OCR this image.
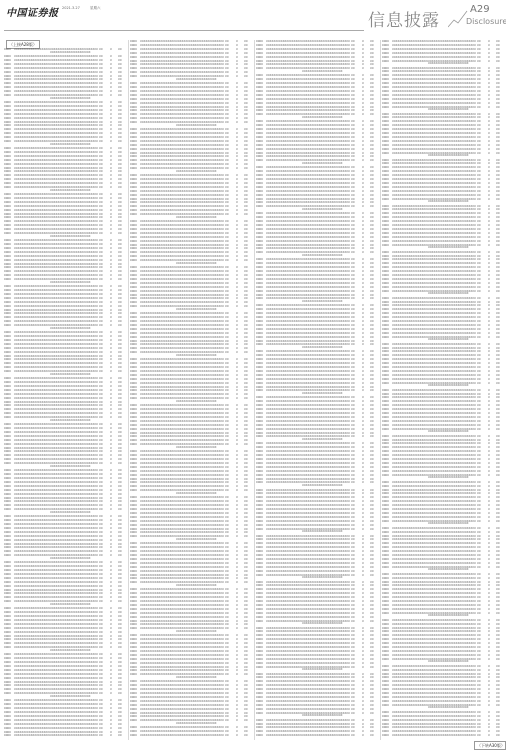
中国证券报 2021.3.27	星期六
信息披露
A29
Disclosure
（上接A28版）
0000	XXXXXXXXXXXXXXXXXXXX XXXXXXXXXXXXXXXXXXXXXXXXXX XX	X	XX
XXXXXXXXXXXXXXXXXXXXXX
0000	XXXXXXXXXXXXXXXXXXXX XXXXXXXXXXXXXXXXXXXXXXXXXX XX	X	XX
0000	XXXXXXXXXXXXXXXXXXXX XXXXXXXXXXXXXXXXXXXXXXXXXX XX	X	XX
0000	XXXXXXXXXXXXXXXXXXXX XXXXXXXXXXXXXXXXXXXXXXXXXX XX	X	XX
0000	XXXXXXXXXXXXXXXXXXXX XXXXXXXXXXXXXXXXXXXXXXXXXX XX	X	XX
0000	XXXXXXXXXXXXXXXXXXXX XXXXXXXXXXXXXXXXXXXXXXXXXX XX	X	XX
0000	XXXXXXXXXXXXXXXXXXXX XXXXXXXXXXXXXXXXXXXXXXXXXX XX	X	XX
0000	XXXXXXXXXXXXXXXXXXXX XXXXXXXXXXXXXXXXXXXXXXXXXX XX	X	XX
0000	XXXXXXXXXXXXXXXXXXXX XXXXXXXXXXXXXXXXXXXXXXXXXX XX	X	XX
0000	XXXXXXXXXXXXXXXXXXXX XXXXXXXXXXXXXXXXXXXXXXXXXX XX	X	XX
0000	XXXXXXXXXXXXXXXXXXXX XXXXXXXXXXXXXXXXXXXXXXXXXX XX	X	XX
0000	XXXXXXXXXXXXXXXXXXXX XXXXXXXXXXXXXXXXXXXXXXXXXX XX	X	XX
XXXXXXXXXXXXXXXXXXXXXX
0000	XXXXXXXXXXXXXXXXXXXX XXXXXXXXXXXXXXXXXXXXXXXXXX XX	X	XX
0000	XXXXXXXXXXXXXXXXXXXX XXXXXXXXXXXXXXXXXXXXXXXXXX XX	X	XX
0000	XXXXXXXXXXXXXXXXXXXX XXXXXXXXXXXXXXXXXXXXXXXXXX XX	X	XX
0000	XXXXXXXXXXXXXXXXXXXX XXXXXXXXXXXXXXXXXXXXXXXXXX XX	X	XX
0000	XXXXXXXXXXXXXXXXXXXX XXXXXXXXXXXXXXXXXXXXXXXXXX XX	X	XX
0000	XXXXXXXXXXXXXXXXXXXX XXXXXXXXXXXXXXXXXXXXXXXXXX XX	X	XX
0000	XXXXXXXXXXXXXXXXXXXX XXXXXXXXXXXXXXXXXXXXXXXXXX XX	X	XX
0000	XXXXXXXXXXXXXXXXXXXX XXXXXXXXXXXXXXXXXXXXXXXXXX XX	X	XX
0000	XXXXXXXXXXXXXXXXXXXX XXXXXXXXXXXXXXXXXXXXXXXXXX XX	X	XX
0000	XXXXXXXXXXXXXXXXXXXX XXXXXXXXXXXXXXXXXXXXXXXXXX XX	X	XX
0000	XXXXXXXXXXXXXXXXXXXX XXXXXXXXXXXXXXXXXXXXXXXXXX XX	X	XX
XXXXXXXXXXXXXXXXXXXXXX
0000	XXXXXXXXXXXXXXXXXXXX XXXXXXXXXXXXXXXXXXXXXXXXXX XX	X	XX
0000	XXXXXXXXXXXXXXXXXXXX XXXXXXXXXXXXXXXXXXXXXXXXXX XX	X	XX
0000	XXXXXXXXXXXXXXXXXXXX XXXXXXXXXXXXXXXXXXXXXXXXXX XX	X	XX
0000	XXXXXXXXXXXXXXXXXXXX XXXXXXXXXXXXXXXXXXXXXXXXXX XX	X	XX
0000	XXXXXXXXXXXXXXXXXXXX XXXXXXXXXXXXXXXXXXXXXXXXXX XX	X	XX
0000	XXXXXXXXXXXXXXXXXXXX XXXXXXXXXXXXXXXXXXXXXXXXXX XX	X	XX
0000	XXXXXXXXXXXXXXXXXXXX XXXXXXXXXXXXXXXXXXXXXXXXXX XX	X	XX
0000	XXXXXXXXXXXXXXXXXXXX XXXXXXXXXXXXXXXXXXXXXXXXXX XX	X	XX
0000	XXXXXXXXXXXXXXXXXXXX XXXXXXXXXXXXXXXXXXXXXXXXXX XX	X	XX
0000	XXXXXXXXXXXXXXXXXXXX XXXXXXXXXXXXXXXXXXXXXXXXXX XX	X	XX
0000	XXXXXXXXXXXXXXXXXXXX XXXXXXXXXXXXXXXXXXXXXXXXXX XX	X	XX
XXXXXXXXXXXXXXXXXXXXXX
0000	XXXXXXXXXXXXXXXXXXXX XXXXXXXXXXXXXXXXXXXXXXXXXX XX	X	XX
0000	XXXXXXXXXXXXXXXXXXXX XXXXXXXXXXXXXXXXXXXXXXXXXX XX	X	XX
0000	XXXXXXXXXXXXXXXXXXXX XXXXXXXXXXXXXXXXXXXXXXXXXX XX	X	XX
0000	XXXXXXXXXXXXXXXXXXXX XXXXXXXXXXXXXXXXXXXXXXXXXX XX	X	XX
0000	XXXXXXXXXXXXXXXXXXXX XXXXXXXXXXXXXXXXXXXXXXXXXX XX	X	XX
0000	XXXXXXXXXXXXXXXXXXXX XXXXXXXXXXXXXXXXXXXXXXXXXX XX	X	XX
0000	XXXXXXXXXXXXXXXXXXXX XXXXXXXXXXXXXXXXXXXXXXXXXX XX	X	XX
0000	XXXXXXXXXXXXXXXXXXXX XXXXXXXXXXXXXXXXXXXXXXXXXX XX	X	XX
0000	XXXXXXXXXXXXXXXXXXXX XXXXXXXXXXXXXXXXXXXXXXXXXX XX	X	XX
0000	XXXXXXXXXXXXXXXXXXXX XXXXXXXXXXXXXXXXXXXXXXXXXX XX	X	XX
0000	XXXXXXXXXXXXXXXXXXXX XXXXXXXXXXXXXXXXXXXXXXXXXX XX	X	XX
XXXXXXXXXXXXXXXXXXXXXX
0000	XXXXXXXXXXXXXXXXXXXX XXXXXXXXXXXXXXXXXXXXXXXXXX XX	X	XX
0000	XXXXXXXXXXXXXXXXXXXX XXXXXXXXXXXXXXXXXXXXXXXXXX XX	X	XX
0000	XXXXXXXXXXXXXXXXXXXX XXXXXXXXXXXXXXXXXXXXXXXXXX XX	X	XX
0000	XXXXXXXXXXXXXXXXXXXX XXXXXXXXXXXXXXXXXXXXXXXXXX XX	X	XX
0000	XXXXXXXXXXXXXXXXXXXX XXXXXXXXXXXXXXXXXXXXXXXXXX XX	X	XX
0000	XXXXXXXXXXXXXXXXXXXX XXXXXXXXXXXXXXXXXXXXXXXXXX XX	X	XX
0000	XXXXXXXXXXXXXXXXXXXX XXXXXXXXXXXXXXXXXXXXXXXXXX XX	X	XX
0000	XXXXXXXXXXXXXXXXXXXX XXXXXXXXXXXXXXXXXXXXXXXXXX XX	X	XX
0000	XXXXXXXXXXXXXXXXXXXX XXXXXXXXXXXXXXXXXXXXXXXXXX XX	X	XX
0000	XXXXXXXXXXXXXXXXXXXX XXXXXXXXXXXXXXXXXXXXXXXXXX XX	X	XX
0000	XXXXXXXXXXXXXXXXXXXX XXXXXXXXXXXXXXXXXXXXXXXXXX XX	X	XX
XXXXXXXXXXXXXXXXXXXXXX
0000	XXXXXXXXXXXXXXXXXXXX XXXXXXXXXXXXXXXXXXXXXXXXXX XX	X	XX
0000	XXXXXXXXXXXXXXXXXXXX XXXXXXXXXXXXXXXXXXXXXXXXXX XX	X	XX
0000	XXXXXXXXXXXXXXXXXXXX XXXXXXXXXXXXXXXXXXXXXXXXXX XX	X	XX
0000	XXXXXXXXXXXXXXXXXXXX XXXXXXXXXXXXXXXXXXXXXXXXXX XX	X	XX
0000	XXXXXXXXXXXXXXXXXXXX XXXXXXXXXXXXXXXXXXXXXXXXXX XX	X	XX
0000	XXXXXXXXXXXXXXXXXXXX XXXXXXXXXXXXXXXXXXXXXXXXXX XX	X	XX
0000	XXXXXXXXXXXXXXXXXXXX XXXXXXXXXXXXXXXXXXXXXXXXXX XX	X	XX
0000	XXXXXXXXXXXXXXXXXXXX XXXXXXXXXXXXXXXXXXXXXXXXXX XX	X	XX
0000	XXXXXXXXXXXXXXXXXXXX XXXXXXXXXXXXXXXXXXXXXXXXXX XX	X	XX
0000	XXXXXXXXXXXXXXXXXXXX XXXXXXXXXXXXXXXXXXXXXXXXXX XX	X	XX
0000	XXXXXXXXXXXXXXXXXXXX XXXXXXXXXXXXXXXXXXXXXXXXXX XX	X	XX
XXXXXXXXXXXXXXXXXXXXXX
0000	XXXXXXXXXXXXXXXXXXXX XXXXXXXXXXXXXXXXXXXXXXXXXX XX	X	XX
0000	XXXXXXXXXXXXXXXXXXXX XXXXXXXXXXXXXXXXXXXXXXXXXX XX	X	XX
0000	XXXXXXXXXXXXXXXXXXXX XXXXXXXXXXXXXXXXXXXXXXXXXX XX	X	XX
0000	XXXXXXXXXXXXXXXXXXXX XXXXXXXXXXXXXXXXXXXXXXXXXX XX	X	XX
0000	XXXXXXXXXXXXXXXXXXXX XXXXXXXXXXXXXXXXXXXXXXXXXX XX	X	XX
0000	XXXXXXXXXXXXXXXXXXXX XXXXXXXXXXXXXXXXXXXXXXXXXX XX	X	XX
0000	XXXXXXXXXXXXXXXXXXXX XXXXXXXXXXXXXXXXXXXXXXXXXX XX	X	XX
0000	XXXXXXXXXXXXXXXXXXXX XXXXXXXXXXXXXXXXXXXXXXXXXX XX	X	XX
0000	XXXXXXXXXXXXXXXXXXXX XXXXXXXXXXXXXXXXXXXXXXXXXX XX	X	XX
0000	XXXXXXXXXXXXXXXXXXXX XXXXXXXXXXXXXXXXXXXXXXXXXX XX	X	XX
0000	XXXXXXXXXXXXXXXXXXXX XXXXXXXXXXXXXXXXXXXXXXXXXX XX	X	XX
XXXXXXXXXXXXXXXXXXXXXX
0000	XXXXXXXXXXXXXXXXXXXX XXXXXXXXXXXXXXXXXXXXXXXXXX XX	X	XX
0000	XXXXXXXXXXXXXXXXXXXX XXXXXXXXXXXXXXXXXXXXXXXXXX XX	X	XX
0000	XXXXXXXXXXXXXXXXXXXX XXXXXXXXXXXXXXXXXXXXXXXXXX XX	X	XX
0000	XXXXXXXXXXXXXXXXXXXX XXXXXXXXXXXXXXXXXXXXXXXXXX XX	X	XX
0000	XXXXXXXXXXXXXXXXXXXX XXXXXXXXXXXXXXXXXXXXXXXXXX XX	X	XX
0000	XXXXXXXXXXXXXXXXXXXX XXXXXXXXXXXXXXXXXXXXXXXXXX XX	X	XX
0000	XXXXXXXXXXXXXXXXXXXX XXXXXXXXXXXXXXXXXXXXXXXXXX XX	X	XX
0000	XXXXXXXXXXXXXXXXXXXX XXXXXXXXXXXXXXXXXXXXXXXXXX XX	X	XX
0000	XXXXXXXXXXXXXXXXXXXX XXXXXXXXXXXXXXXXXXXXXXXXXX XX	X	XX
0000	XXXXXXXXXXXXXXXXXXXX XXXXXXXXXXXXXXXXXXXXXXXXXX XX	X	XX
0000	XXXXXXXXXXXXXXXXXXXX XXXXXXXXXXXXXXXXXXXXXXXXXX XX	X	XX
XXXXXXXXXXXXXXXXXXXXXX
0000	XXXXXXXXXXXXXXXXXXXX XXXXXXXXXXXXXXXXXXXXXXXXXX XX	X	XX
0000	XXXXXXXXXXXXXXXXXXXX XXXXXXXXXXXXXXXXXXXXXXXXXX XX	X	XX
0000	XXXXXXXXXXXXXXXXXXXX XXXXXXXXXXXXXXXXXXXXXXXXXX XX	X	XX
0000	XXXXXXXXXXXXXXXXXXXX XXXXXXXXXXXXXXXXXXXXXXXXXX XX	X	XX
0000	XXXXXXXXXXXXXXXXXXXX XXXXXXXXXXXXXXXXXXXXXXXXXX XX	X	XX
0000	XXXXXXXXXXXXXXXXXXXX XXXXXXXXXXXXXXXXXXXXXXXXXX XX	X	XX
0000	XXXXXXXXXXXXXXXXXXXX XXXXXXXXXXXXXXXXXXXXXXXXXX XX	X	XX
0000	XXXXXXXXXXXXXXXXXXXX XXXXXXXXXXXXXXXXXXXXXXXXXX XX	X	XX
0000	XXXXXXXXXXXXXXXXXXXX XXXXXXXXXXXXXXXXXXXXXXXXXX XX	X	XX
0000	XXXXXXXXXXXXXXXXXXXX XXXXXXXXXXXXXXXXXXXXXXXXXX XX	X	XX
0000	XXXXXXXXXXXXXXXXXXXX XXXXXXXXXXXXXXXXXXXXXXXXXX XX	X	XX
XXXXXXXXXXXXXXXXXXXXXX
0000	XXXXXXXXXXXXXXXXXXXX XXXXXXXXXXXXXXXXXXXXXXXXXX XX	X	XX
0000	XXXXXXXXXXXXXXXXXXXX XXXXXXXXXXXXXXXXXXXXXXXXXX XX	X	XX
0000	XXXXXXXXXXXXXXXXXXXX XXXXXXXXXXXXXXXXXXXXXXXXXX XX	X	XX
0000	XXXXXXXXXXXXXXXXXXXX XXXXXXXXXXXXXXXXXXXXXXXXXX XX	X	XX
0000	XXXXXXXXXXXXXXXXXXXX XXXXXXXXXXXXXXXXXXXXXXXXXX XX	X	XX
0000	XXXXXXXXXXXXXXXXXXXX XXXXXXXXXXXXXXXXXXXXXXXXXX XX	X	XX
0000	XXXXXXXXXXXXXXXXXXXX XXXXXXXXXXXXXXXXXXXXXXXXXX XX	X	XX
0000	XXXXXXXXXXXXXXXXXXXX XXXXXXXXXXXXXXXXXXXXXXXXXX XX	X	XX
0000	XXXXXXXXXXXXXXXXXXXX XXXXXXXXXXXXXXXXXXXXXXXXXX XX	X	XX
0000	XXXXXXXXXXXXXXXXXXXX XXXXXXXXXXXXXXXXXXXXXXXXXX XX	X	XX
0000	XXXXXXXXXXXXXXXXXXXX XXXXXXXXXXXXXXXXXXXXXXXXXX XX	X	XX
XXXXXXXXXXXXXXXXXXXXXX
0000	XXXXXXXXXXXXXXXXXXXX XXXXXXXXXXXXXXXXXXXXXXXXXX XX	X	XX
0000	XXXXXXXXXXXXXXXXXXXX XXXXXXXXXXXXXXXXXXXXXXXXXX XX	X	XX
0000	XXXXXXXXXXXXXXXXXXXX XXXXXXXXXXXXXXXXXXXXXXXXXX XX	X	XX
0000	XXXXXXXXXXXXXXXXXXXX XXXXXXXXXXXXXXXXXXXXXXXXXX XX	X	XX
0000	XXXXXXXXXXXXXXXXXXXX XXXXXXXXXXXXXXXXXXXXXXXXXX XX	X	XX
0000	XXXXXXXXXXXXXXXXXXXX XXXXXXXXXXXXXXXXXXXXXXXXXX XX	X	XX
0000	XXXXXXXXXXXXXXXXXXXX XXXXXXXXXXXXXXXXXXXXXXXXXX XX	X	XX
0000	XXXXXXXXXXXXXXXXXXXX XXXXXXXXXXXXXXXXXXXXXXXXXX XX	X	XX
0000	XXXXXXXXXXXXXXXXXXXX XXXXXXXXXXXXXXXXXXXXXXXXXX XX	X	XX
0000	XXXXXXXXXXXXXXXXXXXX XXXXXXXXXXXXXXXXXXXXXXXXXX XX	X	XX
0000	XXXXXXXXXXXXXXXXXXXX XXXXXXXXXXXXXXXXXXXXXXXXXX XX	X	XX
XXXXXXXXXXXXXXXXXXXXXX
0000	XXXXXXXXXXXXXXXXXXXX XXXXXXXXXXXXXXXXXXXXXXXXXX XX	X	XX
0000	XXXXXXXXXXXXXXXXXXXX XXXXXXXXXXXXXXXXXXXXXXXXXX XX	X	XX
0000	XXXXXXXXXXXXXXXXXXXX XXXXXXXXXXXXXXXXXXXXXXXXXX XX	X	XX
0000	XXXXXXXXXXXXXXXXXXXX XXXXXXXXXXXXXXXXXXXXXXXXXX XX	X	XX
0000	XXXXXXXXXXXXXXXXXXXX XXXXXXXXXXXXXXXXXXXXXXXXXX XX	X	XX
0000	XXXXXXXXXXXXXXXXXXXX XXXXXXXXXXXXXXXXXXXXXXXXXX XX	X	XX
0000	XXXXXXXXXXXXXXXXXXXX XXXXXXXXXXXXXXXXXXXXXXXXXX XX	X	XX
0000	XXXXXXXXXXXXXXXXXXXX XXXXXXXXXXXXXXXXXXXXXXXXXX XX	X	XX
0000	XXXXXXXXXXXXXXXXXXXX XXXXXXXXXXXXXXXXXXXXXXXXXX XX	X	XX
0000	XXXXXXXXXXXXXXXXXXXX XXXXXXXXXXXXXXXXXXXXXXXXXX XX	X	XX
0000	XXXXXXXXXXXXXXXXXXXX XXXXXXXXXXXXXXXXXXXXXXXXXX XX	X	XX
XXXXXXXXXXXXXXXXXXXXXX
0000	XXXXXXXXXXXXXXXXXXXX XXXXXXXXXXXXXXXXXXXXXXXXXX XX	X	XX
0000	XXXXXXXXXXXXXXXXXXXX XXXXXXXXXXXXXXXXXXXXXXXXXX XX	X	XX
0000	XXXXXXXXXXXXXXXXXXXX XXXXXXXXXXXXXXXXXXXXXXXXXX XX	X	XX
0000	XXXXXXXXXXXXXXXXXXXX XXXXXXXXXXXXXXXXXXXXXXXXXX XX	X	XX
0000	XXXXXXXXXXXXXXXXXXXX XXXXXXXXXXXXXXXXXXXXXXXXXX XX	X	XX
0000	XXXXXXXXXXXXXXXXXXXX XXXXXXXXXXXXXXXXXXXXXXXXXX XX	X	XX
0000	XXXXXXXXXXXXXXXXXXXX XXXXXXXXXXXXXXXXXXXXXXXXXX XX	X	XX
0000	XXXXXXXXXXXXXXXXXXXX XXXXXXXXXXXXXXXXXXXXXXXXXX XX	X	XX
0000	XXXXXXXXXXXXXXXXXXXX XXXXXXXXXXXXXXXXXXXXXXXXXX XX	X	XX
0000	XXXXXXXXXXXXXXXXXXXX XXXXXXXXXXXXXXXXXXXXXXXXXX XX	X	XX
0000	XXXXXXXXXXXXXXXXXXXX XXXXXXXXXXXXXXXXXXXXXXXXXX XX	X	XX
XXXXXXXXXXXXXXXXXXXXXX
0000	XXXXXXXXXXXXXXXXXXXX XXXXXXXXXXXXXXXXXXXXXXXXXX XX	X	XX
0000	XXXXXXXXXXXXXXXXXXXX XXXXXXXXXXXXXXXXXXXXXXXXXX XX	X	XX
0000	XXXXXXXXXXXXXXXXXXXX XXXXXXXXXXXXXXXXXXXXXXXXXX XX	X	XX
0000	XXXXXXXXXXXXXXXXXXXX XXXXXXXXXXXXXXXXXXXXXXXXXX XX	X	XX
0000	XXXXXXXXXXXXXXXXXXXX XXXXXXXXXXXXXXXXXXXXXXXXXX XX	X	XX
0000	XXXXXXXXXXXXXXXXXXXX XXXXXXXXXXXXXXXXXXXXXXXXXX XX	X	XX
0000	XXXXXXXXXXXXXXXXXXXX XXXXXXXXXXXXXXXXXXXXXXXXXX XX	X	XX
0000	XXXXXXXXXXXXXXXXXXXX XXXXXXXXXXXXXXXXXXXXXXXXXX XX	X	XX
0000	XXXXXXXXXXXXXXXXXXXX XXXXXXXXXXXXXXXXXXXXXXXXXX XX	X	XX
0000	XXXXXXXXXXXXXXXXXXXX XXXXXXXXXXXXXXXXXXXXXXXXXX XX	X	XX
0000	XXXXXXXXXXXXXXXXXXXX XXXXXXXXXXXXXXXXXXXXXXXXXX XX	X	XX
XXXXXXXXXXXXXXXXXXXXXX
0000	XXXXXXXXXXXXXXXXXXXX XXXXXXXXXXXXXXXXXXXXXXXXXX XX	X	XX
0000	XXXXXXXXXXXXXXXXXXXX XXXXXXXXXXXXXXXXXXXXXXXXXX XX	X	XX
0000	XXXXXXXXXXXXXXXXXXXX XXXXXXXXXXXXXXXXXXXXXXXXXX XX	X	XX
0000	XXXXXXXXXXXXXXXXXXXX XXXXXXXXXXXXXXXXXXXXXXXXXX XX	X	XX
0000	XXXXXXXXXXXXXXXXXXXX XXXXXXXXXXXXXXXXXXXXXXXXXX XX	X	XX
0000	XXXXXXXXXXXXXXXXXXXX XXXXXXXXXXXXXXXXXXXXXXXXXX XX	X	XX
0000	XXXXXXXXXXXXXXXXXXXX XXXXXXXXXXXXXXXXXXXXXXXXXX XX	X	XX
0000	XXXXXXXXXXXXXXXXXXXX XXXXXXXXXXXXXXXXXXXXXXXXXX XX	X	XX
0000	XXXXXXXXXXXXXXXXXXXX XXXXXXXXXXXXXXXXXXXXXXXXXX XX	X	XX
0000	XXXXXXXXXXXXXXXXXXXX XXXXXXXXXXXXXXXXXXXXXXXXXX XX	X	XX
0000	XXXXXXXXXXXXXXXXXXXX XXXXXXXXXXXXXXXXXXXXXXXXXX XX	X	XX
0000	XXXXXXXXXXXXXXXXXXXX XXXXXXXXXXXXXXXXXXXXXXXXXX XX	X	XX
0000	XXXXXXXXXXXXXXXXXXXX XXXXXXXXXXXXXXXXXXXXXXXXXX XX	X	XX
0000	XXXXXXXXXXXXXXXXXXXX XXXXXXXXXXXXXXXXXXXXXXXXXX XX	X	XX
0000	XXXXXXXXXXXXXXXXXXXX XXXXXXXXXXXXXXXXXXXXXXXXXX XX	X	XX
0000	XXXXXXXXXXXXXXXXXXXX XXXXXXXXXXXXXXXXXXXXXXXXXX XX	X	XX
0000	XXXXXXXXXXXXXXXXXXXX XXXXXXXXXXXXXXXXXXXXXXXXXX XX	X	XX
0000	XXXXXXXXXXXXXXXXXXXX XXXXXXXXXXXXXXXXXXXXXXXXXX XX	X	XX
0000	XXXXXXXXXXXXXXXXXXXX XXXXXXXXXXXXXXXXXXXXXXXXXX XX	X	XX
0000	XXXXXXXXXXXXXXXXXXXX XXXXXXXXXXXXXXXXXXXXXXXXXX XX	X	XX
XXXXXXXXXXXXXXXXXXXXXX
0000	XXXXXXXXXXXXXXXXXXXX XXXXXXXXXXXXXXXXXXXXXXXXXX XX	X	XX
0000	XXXXXXXXXXXXXXXXXXXX XXXXXXXXXXXXXXXXXXXXXXXXXX XX	X	XX
0000	XXXXXXXXXXXXXXXXXXXX XXXXXXXXXXXXXXXXXXXXXXXXXX XX	X	XX
0000	XXXXXXXXXXXXXXXXXXXX XXXXXXXXXXXXXXXXXXXXXXXXXX XX	X	XX
0000	XXXXXXXXXXXXXXXXXXXX XXXXXXXXXXXXXXXXXXXXXXXXXX XX	X	XX
0000	XXXXXXXXXXXXXXXXXXXX XXXXXXXXXXXXXXXXXXXXXXXXXX XX	X	XX
0000	XXXXXXXXXXXXXXXXXXXX XXXXXXXXXXXXXXXXXXXXXXXXXX XX	X	XX
0000	XXXXXXXXXXXXXXXXXXXX XXXXXXXXXXXXXXXXXXXXXXXXXX XX	X	XX
0000	XXXXXXXXXXXXXXXXXXXX XXXXXXXXXXXXXXXXXXXXXXXXXX XX	X	XX
0000	XXXXXXXXXXXXXXXXXXXX XXXXXXXXXXXXXXXXXXXXXXXXXX XX	X	XX
0000	XXXXXXXXXXXXXXXXXXXX XXXXXXXXXXXXXXXXXXXXXXXXXX XX	X	XX
XXXXXXXXXXXXXXXXXXXXXX
0000	XXXXXXXXXXXXXXXXXXXX XXXXXXXXXXXXXXXXXXXXXXXXXX XX	X	XX
0000	XXXXXXXXXXXXXXXXXXXX XXXXXXXXXXXXXXXXXXXXXXXXXX XX	X	XX
0000	XXXXXXXXXXXXXXXXXXXX XXXXXXXXXXXXXXXXXXXXXXXXXX XX	X	XX
0000	XXXXXXXXXXXXXXXXXXXX XXXXXXXXXXXXXXXXXXXXXXXXXX XX	X	XX
0000	XXXXXXXXXXXXXXXXXXXX XXXXXXXXXXXXXXXXXXXXXXXXXX XX	X	XX
0000	XXXXXXXXXXXXXXXXXXXX XXXXXXXXXXXXXXXXXXXXXXXXXX XX	X	XX
0000	XXXXXXXXXXXXXXXXXXXX XXXXXXXXXXXXXXXXXXXXXXXXXX XX	X	XX
0000	XXXXXXXXXXXXXXXXXXXX XXXXXXXXXXXXXXXXXXXXXXXXXX XX	X	XX
0000	XXXXXXXXXXXXXXXXXXXX XXXXXXXXXXXXXXXXXXXXXXXXXX XX	X	XX
0000	XXXXXXXXXXXXXXXXXXXX XXXXXXXXXXXXXXXXXXXXXXXXXX XX	X	XX
0000	XXXXXXXXXXXXXXXXXXXX XXXXXXXXXXXXXXXXXXXXXXXXXX XX	X	XX
XXXXXXXXXXXXXXXXXXXXXX
0000	XXXXXXXXXXXXXXXXXXXX XXXXXXXXXXXXXXXXXXXXXXXXXX XX	X	XX
0000	XXXXXXXXXXXXXXXXXXXX XXXXXXXXXXXXXXXXXXXXXXXXXX XX	X	XX
0000	XXXXXXXXXXXXXXXXXXXX XXXXXXXXXXXXXXXXXXXXXXXXXX XX	X	XX
0000	XXXXXXXXXXXXXXXXXXXX XXXXXXXXXXXXXXXXXXXXXXXXXX XX	X	XX
0000	XXXXXXXXXXXXXXXXXXXX XXXXXXXXXXXXXXXXXXXXXXXXXX XX	X	XX
0000	XXXXXXXXXXXXXXXXXXXX XXXXXXXXXXXXXXXXXXXXXXXXXX XX	X	XX
0000	XXXXXXXXXXXXXXXXXXXX XXXXXXXXXXXXXXXXXXXXXXXXXX XX	X	XX
0000	XXXXXXXXXXXXXXXXXXXX XXXXXXXXXXXXXXXXXXXXXXXXXX XX	X	XX
0000	XXXXXXXXXXXXXXXXXXXX XXXXXXXXXXXXXXXXXXXXXXXXXX XX	X	XX
0000	XXXXXXXXXXXXXXXXXXXX XXXXXXXXXXXXXXXXXXXXXXXXXX XX	X	XX
0000	XXXXXXXXXXXXXXXXXXXX XXXXXXXXXXXXXXXXXXXXXXXXXX XX	X	XX
XXXXXXXXXXXXXXXXXXXXXX
0000	XXXXXXXXXXXXXXXXXXXX XXXXXXXXXXXXXXXXXXXXXXXXXX XX	X	XX
0000	XXXXXXXXXXXXXXXXXXXX XXXXXXXXXXXXXXXXXXXXXXXXXX XX	X	XX
0000	XXXXXXXXXXXXXXXXXXXX XXXXXXXXXXXXXXXXXXXXXXXXXX XX	X	XX
0000	XXXXXXXXXXXXXXXXXXXX XXXXXXXXXXXXXXXXXXXXXXXXXX XX	X	XX
0000	XXXXXXXXXXXXXXXXXXXX XXXXXXXXXXXXXXXXXXXXXXXXXX XX	X	XX
0000	XXXXXXXXXXXXXXXXXXXX XXXXXXXXXXXXXXXXXXXXXXXXXX XX	X	XX
0000	XXXXXXXXXXXXXXXXXXXX XXXXXXXXXXXXXXXXXXXXXXXXXX XX	X	XX
0000	XXXXXXXXXXXXXXXXXXXX XXXXXXXXXXXXXXXXXXXXXXXXXX XX	X	XX
0000	XXXXXXXXXXXXXXXXXXXX XXXXXXXXXXXXXXXXXXXXXXXXXX XX	X	XX
0000	XXXXXXXXXXXXXXXXXXXX XXXXXXXXXXXXXXXXXXXXXXXXXX XX	X	XX
0000	XXXXXXXXXXXXXXXXXXXX XXXXXXXXXXXXXXXXXXXXXXXXXX XX	X	XX
XXXXXXXXXXXXXXXXXXXXXX
0000	XXXXXXXXXXXXXXXXXXXX XXXXXXXXXXXXXXXXXXXXXXXXXX XX	X	XX
0000	XXXXXXXXXXXXXXXXXXXX XXXXXXXXXXXXXXXXXXXXXXXXXX XX	X	XX
0000	XXXXXXXXXXXXXXXXXXXX XXXXXXXXXXXXXXXXXXXXXXXXXX XX	X	XX
0000	XXXXXXXXXXXXXXXXXXXX XXXXXXXXXXXXXXXXXXXXXXXXXX XX	X	XX
0000	XXXXXXXXXXXXXXXXXXXX XXXXXXXXXXXXXXXXXXXXXXXXXX XX	X	XX
0000	XXXXXXXXXXXXXXXXXXXX XXXXXXXXXXXXXXXXXXXXXXXXXX XX	X	XX
0000	XXXXXXXXXXXXXXXXXXXX XXXXXXXXXXXXXXXXXXXXXXXXXX XX	X	XX
0000	XXXXXXXXXXXXXXXXXXXX XXXXXXXXXXXXXXXXXXXXXXXXXX XX	X	XX
0000	XXXXXXXXXXXXXXXXXXXX XXXXXXXXXXXXXXXXXXXXXXXXXX XX	X	XX
0000	XXXXXXXXXXXXXXXXXXXX XXXXXXXXXXXXXXXXXXXXXXXXXX XX	X	XX
0000	XXXXXXXXXXXXXXXXXXXX XXXXXXXXXXXXXXXXXXXXXXXXXX XX	X	XX
XXXXXXXXXXXXXXXXXXXXXX
0000	XXXXXXXXXXXXXXXXXXXX XXXXXXXXXXXXXXXXXXXXXXXXXX XX	X	XX
0000	XXXXXXXXXXXXXXXXXXXX XXXXXXXXXXXXXXXXXXXXXXXXXX XX	X	XX
0000	XXXXXXXXXXXXXXXXXXXX XXXXXXXXXXXXXXXXXXXXXXXXXX XX	X	XX
0000	XXXXXXXXXXXXXXXXXXXX XXXXXXXXXXXXXXXXXXXXXXXXXX XX	X	XX
0000	XXXXXXXXXXXXXXXXXXXX XXXXXXXXXXXXXXXXXXXXXXXXXX XX	X	XX
0000	XXXXXXXXXXXXXXXXXXXX XXXXXXXXXXXXXXXXXXXXXXXXXX XX	X	XX
0000	XXXXXXXXXXXXXXXXXXXX XXXXXXXXXXXXXXXXXXXXXXXXXX XX	X	XX
0000	XXXXXXXXXXXXXXXXXXXX XXXXXXXXXXXXXXXXXXXXXXXXXX XX	X	XX
0000	XXXXXXXXXXXXXXXXXXXX XXXXXXXXXXXXXXXXXXXXXXXXXX XX	X	XX
0000	XXXXXXXXXXXXXXXXXXXX XXXXXXXXXXXXXXXXXXXXXXXXXX XX	X	XX
0000	XXXXXXXXXXXXXXXXXXXX XXXXXXXXXXXXXXXXXXXXXXXXXX XX	X	XX
XXXXXXXXXXXXXXXXXXXXXX
0000	XXXXXXXXXXXXXXXXXXXX XXXXXXXXXXXXXXXXXXXXXXXXXX XX	X	XX
0000	XXXXXXXXXXXXXXXXXXXX XXXXXXXXXXXXXXXXXXXXXXXXXX XX	X	XX
0000	XXXXXXXXXXXXXXXXXXXX XXXXXXXXXXXXXXXXXXXXXXXXXX XX	X	XX
0000	XXXXXXXXXXXXXXXXXXXX XXXXXXXXXXXXXXXXXXXXXXXXXX XX	X	XX
0000	XXXXXXXXXXXXXXXXXXXX XXXXXXXXXXXXXXXXXXXXXXXXXX XX	X	XX
0000	XXXXXXXXXXXXXXXXXXXX XXXXXXXXXXXXXXXXXXXXXXXXXX XX	X	XX
0000	XXXXXXXXXXXXXXXXXXXX XXXXXXXXXXXXXXXXXXXXXXXXXX XX	X	XX
0000	XXXXXXXXXXXXXXXXXXXX XXXXXXXXXXXXXXXXXXXXXXXXXX XX	X	XX
0000	XXXXXXXXXXXXXXXXXXXX XXXXXXXXXXXXXXXXXXXXXXXXXX XX	X	XX
0000	XXXXXXXXXXXXXXXXXXXX XXXXXXXXXXXXXXXXXXXXXXXXXX XX	X	XX
0000	XXXXXXXXXXXXXXXXXXXX XXXXXXXXXXXXXXXXXXXXXXXXXX XX	X	XX
XXXXXXXXXXXXXXXXXXXXXX
0000	XXXXXXXXXXXXXXXXXXXX XXXXXXXXXXXXXXXXXXXXXXXXXX XX	X	XX
0000	XXXXXXXXXXXXXXXXXXXX XXXXXXXXXXXXXXXXXXXXXXXXXX XX	X	XX
0000	XXXXXXXXXXXXXXXXXXXX XXXXXXXXXXXXXXXXXXXXXXXXXX XX	X	XX
0000	XXXXXXXXXXXXXXXXXXXX XXXXXXXXXXXXXXXXXXXXXXXXXX XX	X	XX
0000	XXXXXXXXXXXXXXXXXXXX XXXXXXXXXXXXXXXXXXXXXXXXXX XX	X	XX
0000	XXXXXXXXXXXXXXXXXXXX XXXXXXXXXXXXXXXXXXXXXXXXXX XX	X	XX
0000	XXXXXXXXXXXXXXXXXXXX XXXXXXXXXXXXXXXXXXXXXXXXXX XX	X	XX
0000	XXXXXXXXXXXXXXXXXXXX XXXXXXXXXXXXXXXXXXXXXXXXXX XX	X	XX
0000	XXXXXXXXXXXXXXXXXXXX XXXXXXXXXXXXXXXXXXXXXXXXXX XX	X	XX
0000	XXXXXXXXXXXXXXXXXXXX XXXXXXXXXXXXXXXXXXXXXXXXXX XX	X	XX
0000	XXXXXXXXXXXXXXXXXXXX XXXXXXXXXXXXXXXXXXXXXXXXXX XX	X	XX
XXXXXXXXXXXXXXXXXXXXXX
0000	XXXXXXXXXXXXXXXXXXXX XXXXXXXXXXXXXXXXXXXXXXXXXX XX	X	XX
0000	XXXXXXXXXXXXXXXXXXXX XXXXXXXXXXXXXXXXXXXXXXXXXX XX	X	XX
0000	XXXXXXXXXXXXXXXXXXXX XXXXXXXXXXXXXXXXXXXXXXXXXX XX	X	XX
0000	XXXXXXXXXXXXXXXXXXXX XXXXXXXXXXXXXXXXXXXXXXXXXX XX	X	XX
0000	XXXXXXXXXXXXXXXXXXXX XXXXXXXXXXXXXXXXXXXXXXXXXX XX	X	XX
0000	XXXXXXXXXXXXXXXXXXXX XXXXXXXXXXXXXXXXXXXXXXXXXX XX	X	XX
0000	XXXXXXXXXXXXXXXXXXXX XXXXXXXXXXXXXXXXXXXXXXXXXX XX	X	XX
0000	XXXXXXXXXXXXXXXXXXXX XXXXXXXXXXXXXXXXXXXXXXXXXX XX	X	XX
0000	XXXXXXXXXXXXXXXXXXXX XXXXXXXXXXXXXXXXXXXXXXXXXX XX	X	XX
0000	XXXXXXXXXXXXXXXXXXXX XXXXXXXXXXXXXXXXXXXXXXXXXX XX	X	XX
0000	XXXXXXXXXXXXXXXXXXXX XXXXXXXXXXXXXXXXXXXXXXXXXX XX	X	XX
XXXXXXXXXXXXXXXXXXXXXX
0000	XXXXXXXXXXXXXXXXXXXX XXXXXXXXXXXXXXXXXXXXXXXXXX XX	X	XX
0000	XXXXXXXXXXXXXXXXXXXX XXXXXXXXXXXXXXXXXXXXXXXXXX XX	X	XX
0000	XXXXXXXXXXXXXXXXXXXX XXXXXXXXXXXXXXXXXXXXXXXXXX XX	X	XX
0000	XXXXXXXXXXXXXXXXXXXX XXXXXXXXXXXXXXXXXXXXXXXXXX XX	X	XX
0000	XXXXXXXXXXXXXXXXXXXX XXXXXXXXXXXXXXXXXXXXXXXXXX XX	X	XX
0000	XXXXXXXXXXXXXXXXXXXX XXXXXXXXXXXXXXXXXXXXXXXXXX XX	X	XX
0000	XXXXXXXXXXXXXXXXXXXX XXXXXXXXXXXXXXXXXXXXXXXXXX XX	X	XX
0000	XXXXXXXXXXXXXXXXXXXX XXXXXXXXXXXXXXXXXXXXXXXXXX XX	X	XX
0000	XXXXXXXXXXXXXXXXXXXX XXXXXXXXXXXXXXXXXXXXXXXXXX XX	X	XX
0000	XXXXXXXXXXXXXXXXXXXX XXXXXXXXXXXXXXXXXXXXXXXXXX XX	X	XX
0000	XXXXXXXXXXXXXXXXXXXX XXXXXXXXXXXXXXXXXXXXXXXXXX XX	X	XX
XXXXXXXXXXXXXXXXXXXXXX
0000	XXXXXXXXXXXXXXXXXXXX XXXXXXXXXXXXXXXXXXXXXXXXXX XX	X	XX
0000	XXXXXXXXXXXXXXXXXXXX XXXXXXXXXXXXXXXXXXXXXXXXXX XX	X	XX
0000	XXXXXXXXXXXXXXXXXXXX XXXXXXXXXXXXXXXXXXXXXXXXXX XX	X	XX
0000	XXXXXXXXXXXXXXXXXXXX XXXXXXXXXXXXXXXXXXXXXXXXXX XX	X	XX
0000	XXXXXXXXXXXXXXXXXXXX XXXXXXXXXXXXXXXXXXXXXXXXXX XX	X	XX
0000	XXXXXXXXXXXXXXXXXXXX XXXXXXXXXXXXXXXXXXXXXXXXXX XX	X	XX
0000	XXXXXXXXXXXXXXXXXXXX XXXXXXXXXXXXXXXXXXXXXXXXXX XX	X	XX
0000	XXXXXXXXXXXXXXXXXXXX XXXXXXXXXXXXXXXXXXXXXXXXXX XX	X	XX
0000	XXXXXXXXXXXXXXXXXXXX XXXXXXXXXXXXXXXXXXXXXXXXXX XX	X	XX
0000	XXXXXXXXXXXXXXXXXXXX XXXXXXXXXXXXXXXXXXXXXXXXXX XX	X	XX
0000	XXXXXXXXXXXXXXXXXXXX XXXXXXXXXXXXXXXXXXXXXXXXXX XX	X	XX
XXXXXXXXXXXXXXXXXXXXXX
0000	XXXXXXXXXXXXXXXXXXXX XXXXXXXXXXXXXXXXXXXXXXXXXX XX	X	XX
0000	XXXXXXXXXXXXXXXXXXXX XXXXXXXXXXXXXXXXXXXXXXXXXX XX	X	XX
0000	XXXXXXXXXXXXXXXXXXXX XXXXXXXXXXXXXXXXXXXXXXXXXX XX	X	XX
0000	XXXXXXXXXXXXXXXXXXXX XXXXXXXXXXXXXXXXXXXXXXXXXX XX	X	XX
0000	XXXXXXXXXXXXXXXXXXXX XXXXXXXXXXXXXXXXXXXXXXXXXX XX	X	XX
0000	XXXXXXXXXXXXXXXXXXXX XXXXXXXXXXXXXXXXXXXXXXXXXX XX	X	XX
0000	XXXXXXXXXXXXXXXXXXXX XXXXXXXXXXXXXXXXXXXXXXXXXX XX	X	XX
0000	XXXXXXXXXXXXXXXXXXXX XXXXXXXXXXXXXXXXXXXXXXXXXX XX	X	XX
0000	XXXXXXXXXXXXXXXXXXXX XXXXXXXXXXXXXXXXXXXXXXXXXX XX	X	XX
0000	XXXXXXXXXXXXXXXXXXXX XXXXXXXXXXXXXXXXXXXXXXXXXX XX	X	XX
0000	XXXXXXXXXXXXXXXXXXXX XXXXXXXXXXXXXXXXXXXXXXXXXX XX	X	XX
XXXXXXXXXXXXXXXXXXXXXX
0000	XXXXXXXXXXXXXXXXXXXX XXXXXXXXXXXXXXXXXXXXXXXXXX XX	X	XX
0000	XXXXXXXXXXXXXXXXXXXX XXXXXXXXXXXXXXXXXXXXXXXXXX XX	X	XX
0000	XXXXXXXXXXXXXXXXXXXX XXXXXXXXXXXXXXXXXXXXXXXXXX XX	X	XX
0000	XXXXXXXXXXXXXXXXXXXX XXXXXXXXXXXXXXXXXXXXXXXXXX XX	X	XX
0000	XXXXXXXXXXXXXXXXXXXX XXXXXXXXXXXXXXXXXXXXXXXXXX XX	X	XX
0000	XXXXXXXXXXXXXXXXXXXX XXXXXXXXXXXXXXXXXXXXXXXXXX XX	X	XX
0000	XXXXXXXXXXXXXXXXXXXX XXXXXXXXXXXXXXXXXXXXXXXXXX XX	X	XX
0000	XXXXXXXXXXXXXXXXXXXX XXXXXXXXXXXXXXXXXXXXXXXXXX XX	X	XX
0000	XXXXXXXXXXXXXXXXXXXX XXXXXXXXXXXXXXXXXXXXXXXXXX XX	X	XX
0000	XXXXXXXXXXXXXXXXXXXX XXXXXXXXXXXXXXXXXXXXXXXXXX XX	X	XX
0000	XXXXXXXXXXXXXXXXXXXX XXXXXXXXXXXXXXXXXXXXXXXXXX XX	X	XX
XXXXXXXXXXXXXXXXXXXXXX
0000	XXXXXXXXXXXXXXXXXXXX XXXXXXXXXXXXXXXXXXXXXXXXXX XX	X	XX
0000	XXXXXXXXXXXXXXXXXXXX XXXXXXXXXXXXXXXXXXXXXXXXXX XX	X	XX
0000	XXXXXXXXXXXXXXXXXXXX XXXXXXXXXXXXXXXXXXXXXXXXXX XX	X	XX
0000	XXXXXXXXXXXXXXXXXXXX XXXXXXXXXXXXXXXXXXXXXXXXXX XX	X	XX
0000	XXXXXXXXXXXXXXXXXXXX XXXXXXXXXXXXXXXXXXXXXXXXXX XX	X	XX
0000	XXXXXXXXXXXXXXXXXXXX XXXXXXXXXXXXXXXXXXXXXXXXXX XX	X	XX
0000	XXXXXXXXXXXXXXXXXXXX XXXXXXXXXXXXXXXXXXXXXXXXXX XX	X	XX
0000	XXXXXXXXXXXXXXXXXXXX XXXXXXXXXXXXXXXXXXXXXXXXXX XX	X	XX
0000	XXXXXXXXXXXXXXXXXXXX XXXXXXXXXXXXXXXXXXXXXXXXXX XX	X	XX
0000	XXXXXXXXXXXXXXXXXXXX XXXXXXXXXXXXXXXXXXXXXXXXXX XX	X	XX
0000	XXXXXXXXXXXXXXXXXXXX XXXXXXXXXXXXXXXXXXXXXXXXXX XX	X	XX
XXXXXXXXXXXXXXXXXXXXXX
0000	XXXXXXXXXXXXXXXXXXXX XXXXXXXXXXXXXXXXXXXXXXXXXX XX	X	XX
0000	XXXXXXXXXXXXXXXXXXXX XXXXXXXXXXXXXXXXXXXXXXXXXX XX	X	XX
0000	XXXXXXXXXXXXXXXXXXXX XXXXXXXXXXXXXXXXXXXXXXXXXX XX	X	XX
0000	XXXXXXXXXXXXXXXXXXXX XXXXXXXXXXXXXXXXXXXXXXXXXX XX	X	XX
0000	XXXXXXXXXXXXXXXXXXXX XXXXXXXXXXXXXXXXXXXXXXXXXX XX	X	XX
0000	XXXXXXXXXXXXXXXXXXXX XXXXXXXXXXXXXXXXXXXXXXXXXX XX	X	XX
0000	XXXXXXXXXXXXXXXXXXXX XXXXXXXXXXXXXXXXXXXXXXXXXX XX	X	XX
0000	XXXXXXXXXXXXXXXXXXXX XXXXXXXXXXXXXXXXXXXXXXXXXX XX	X	XX
0000	XXXXXXXXXXXXXXXXXXXX XXXXXXXXXXXXXXXXXXXXXXXXXX XX	X	XX
0000	XXXXXXXXXXXXXXXXXXXX XXXXXXXXXXXXXXXXXXXXXXXXXX XX	X	XX
0000	XXXXXXXXXXXXXXXXXXXX XXXXXXXXXXXXXXXXXXXXXXXXXX XX	X	XX
XXXXXXXXXXXXXXXXXXXXXX
0000	XXXXXXXXXXXXXXXXXXXX XXXXXXXXXXXXXXXXXXXXXXXXXX XX	X	XX
0000	XXXXXXXXXXXXXXXXXXXX XXXXXXXXXXXXXXXXXXXXXXXXXX XX	X	XX
0000	XXXXXXXXXXXXXXXXXXXX XXXXXXXXXXXXXXXXXXXXXXXXXX XX	X	XX
0000	XXXXXXXXXXXXXXXXXXXX XXXXXXXXXXXXXXXXXXXXXXXXXX XX	X	XX
0000	XXXXXXXXXXXXXXXXXXXX XXXXXXXXXXXXXXXXXXXXXXXXXX XX	X	XX
0000	XXXXXXXXXXXXXXXXXXXX XXXXXXXXXXXXXXXXXXXXXXXXXX XX	X	XX
0000	XXXXXXXXXXXXXXXXXXXX XXXXXXXXXXXXXXXXXXXXXXXXXX XX	X	XX
0000	XXXXXXXXXXXXXXXXXXXX XXXXXXXXXXXXXXXXXXXXXXXXXX XX	X	XX
0000	XXXXXXXXXXXXXXXXXXXX XXXXXXXXXXXXXXXXXXXXXXXXXX XX	X	XX
0000	XXXXXXXXXXXXXXXXXXXX XXXXXXXXXXXXXXXXXXXXXXXXXX XX	X	XX
0000	XXXXXXXXXXXXXXXXXXXX XXXXXXXXXXXXXXXXXXXXXXXXXX XX	X	XX
XXXXXXXXXXXXXXXXXXXXXX
0000	XXXXXXXXXXXXXXXXXXXX XXXXXXXXXXXXXXXXXXXXXXXXXX XX	X	XX
0000	XXXXXXXXXXXXXXXXXXXX XXXXXXXXXXXXXXXXXXXXXXXXXX XX	X	XX
0000	XXXXXXXXXXXXXXXXXXXX XXXXXXXXXXXXXXXXXXXXXXXXXX XX	X	XX
0000	XXXXXXXXXXXXXXXXXXXX XXXXXXXXXXXXXXXXXXXXXXXXXX XX	X	XX
0000	XXXXXXXXXXXXXXXXXXXX XXXXXXXXXXXXXXXXXXXXXXXXXX XX	X	XX
0000	XXXXXXXXXXXXXXXXXXXX XXXXXXXXXXXXXXXXXXXXXXXXXX XX	X	XX
0000	XXXXXXXXXXXXXXXXXXXX XXXXXXXXXXXXXXXXXXXXXXXXXX XX	X	XX
0000	XXXXXXXXXXXXXXXXXXXX XXXXXXXXXXXXXXXXXXXXXXXXXX XX	X	XX
0000	XXXXXXXXXXXXXXXXXXXX XXXXXXXXXXXXXXXXXXXXXXXXXX XX	X	XX
0000	XXXXXXXXXXXXXXXXXXXX XXXXXXXXXXXXXXXXXXXXXXXXXX XX	X	XX
0000	XXXXXXXXXXXXXXXXXXXX XXXXXXXXXXXXXXXXXXXXXXXXXX XX	X	XX
XXXXXXXXXXXXXXXXXXXXXX
0000	XXXXXXXXXXXXXXXXXXXX XXXXXXXXXXXXXXXXXXXXXXXXXX XX	X	XX
0000	XXXXXXXXXXXXXXXXXXXX XXXXXXXXXXXXXXXXXXXXXXXXXX XX	X	XX
0000	XXXXXXXXXXXXXXXXXXXX XXXXXXXXXXXXXXXXXXXXXXXXXX XX	X	XX
0000	XXXXXXXXXXXXXXXXXXXX XXXXXXXXXXXXXXXXXXXXXXXXXX XX	X	XX
0000	XXXXXXXXXXXXXXXXXXXX XXXXXXXXXXXXXXXXXXXXXXXXXX XX	X	XX
0000	XXXXXXXXXXXXXXXXXXXX XXXXXXXXXXXXXXXXXXXXXXXXXX XX	X	XX
0000	XXXXXXXXXXXXXXXXXXXX XXXXXXXXXXXXXXXXXXXXXXXXXX XX	X	XX
0000	XXXXXXXXXXXXXXXXXXXX XXXXXXXXXXXXXXXXXXXXXXXXXX XX	X	XX
0000	XXXXXXXXXXXXXXXXXXXX XXXXXXXXXXXXXXXXXXXXXXXXXX XX	X	XX
0000	XXXXXXXXXXXXXXXXXXXX XXXXXXXXXXXXXXXXXXXXXXXXXX XX	X	XX
0000	XXXXXXXXXXXXXXXXXXXX XXXXXXXXXXXXXXXXXXXXXXXXXX XX	X	XX
XXXXXXXXXXXXXXXXXXXXXX
0000	XXXXXXXXXXXXXXXXXXXX XXXXXXXXXXXXXXXXXXXXXXXXXX XX	X	XX
0000	XXXXXXXXXXXXXXXXXXXX XXXXXXXXXXXXXXXXXXXXXXXXXX XX	X	XX
0000	XXXXXXXXXXXXXXXXXXXX XXXXXXXXXXXXXXXXXXXXXXXXXX XX	X	XX
0000	XXXXXXXXXXXXXXXXXXXX XXXXXXXXXXXXXXXXXXXXXXXXXX XX	X	XX
0000	XXXXXXXXXXXXXXXXXXXX XXXXXXXXXXXXXXXXXXXXXXXXXX XX	X	XX
0000	XXXXXXXXXXXXXXXXXXXX XXXXXXXXXXXXXXXXXXXXXXXXXX XX	X	XX
0000	XXXXXXXXXXXXXXXXXXXX XXXXXXXXXXXXXXXXXXXXXXXXXX XX	X	XX
0000	XXXXXXXXXXXXXXXXXXXX XXXXXXXXXXXXXXXXXXXXXXXXXX XX	X	XX
0000	XXXXXXXXXXXXXXXXXXXX XXXXXXXXXXXXXXXXXXXXXXXXXX XX	X	XX
0000	XXXXXXXXXXXXXXXXXXXX XXXXXXXXXXXXXXXXXXXXXXXXXX XX	X	XX
0000	XXXXXXXXXXXXXXXXXXXX XXXXXXXXXXXXXXXXXXXXXXXXXX XX	X	XX
XXXXXXXXXXXXXXXXXXXXXX
0000	XXXXXXXXXXXXXXXXXXXX XXXXXXXXXXXXXXXXXXXXXXXXXX XX	X	XX
0000	XXXXXXXXXXXXXXXXXXXX XXXXXXXXXXXXXXXXXXXXXXXXXX XX	X	XX
0000	XXXXXXXXXXXXXXXXXXXX XXXXXXXXXXXXXXXXXXXXXXXXXX XX	X	XX
0000	XXXXXXXXXXXXXXXXXXXX XXXXXXXXXXXXXXXXXXXXXXXXXX XX	X	XX
0000	XXXXXXXXXXXXXXXXXXXX XXXXXXXXXXXXXXXXXXXXXXXXXX XX	X	XX
0000	XXXXXXXXXXXXXXXXXXXX XXXXXXXXXXXXXXXXXXXXXXXXXX XX	X	XX
0000	XXXXXXXXXXXXXXXXXXXX XXXXXXXXXXXXXXXXXXXXXXXXXX XX	X	XX
0000	XXXXXXXXXXXXXXXXXXXX XXXXXXXXXXXXXXXXXXXXXXXXXX XX	X	XX
0000	XXXXXXXXXXXXXXXXXXXX XXXXXXXXXXXXXXXXXXXXXXXXXX XX	X	XX
0000	XXXXXXXXXXXXXXXXXXXX XXXXXXXXXXXXXXXXXXXXXXXXXX XX	X	XX
0000	XXXXXXXXXXXXXXXXXXXX XXXXXXXXXXXXXXXXXXXXXXXXXX XX	X	XX
XXXXXXXXXXXXXXXXXXXXXX
0000	XXXXXXXXXXXXXXXXXXXX XXXXXXXXXXXXXXXXXXXXXXXXXX XX	X	XX
0000	XXXXXXXXXXXXXXXXXXXX XXXXXXXXXXXXXXXXXXXXXXXXXX XX	X	XX
0000	XXXXXXXXXXXXXXXXXXXX XXXXXXXXXXXXXXXXXXXXXXXXXX XX	X	XX
0000	XXXXXXXXXXXXXXXXXXXX XXXXXXXXXXXXXXXXXXXXXXXXXX XX	X	XX
0000	XXXXXXXXXXXXXXXXXXXX XXXXXXXXXXXXXXXXXXXXXXXXXX XX	X	XX
0000	XXXXXXXXXXXXXXXXXXXX XXXXXXXXXXXXXXXXXXXXXXXXXX XX	X	XX
0000	XXXXXXXXXXXXXXXXXXXX XXXXXXXXXXXXXXXXXXXXXXXXXX XX	X	XX
0000	XXXXXXXXXXXXXXXXXXXX XXXXXXXXXXXXXXXXXXXXXXXXXX XX	X	XX
0000	XXXXXXXXXXXXXXXXXXXX XXXXXXXXXXXXXXXXXXXXXXXXXX XX	X	XX
0000	XXXXXXXXXXXXXXXXXXXX XXXXXXXXXXXXXXXXXXXXXXXXXX XX	X	XX
0000	XXXXXXXXXXXXXXXXXXXX XXXXXXXXXXXXXXXXXXXXXXXXXX XX	X	XX
XXXXXXXXXXXXXXXXXXXXXX
0000	XXXXXXXXXXXXXXXXXXXX XXXXXXXXXXXXXXXXXXXXXXXXXX XX	X	XX
0000	XXXXXXXXXXXXXXXXXXXX XXXXXXXXXXXXXXXXXXXXXXXXXX XX	X	XX
0000	XXXXXXXXXXXXXXXXXXXX XXXXXXXXXXXXXXXXXXXXXXXXXX XX	X	XX
0000	XXXXXXXXXXXXXXXXXXXX XXXXXXXXXXXXXXXXXXXXXXXXXX XX	X	XX
0000	XXXXXXXXXXXXXXXXXXXX XXXXXXXXXXXXXXXXXXXXXXXXXX XX	X	XX
0000	XXXXXXXXXXXXXXXXXXXX XXXXXXXXXXXXXXXXXXXXXXXXXX XX	X	XX
0000	XXXXXXXXXXXXXXXXXXXX XXXXXXXXXXXXXXXXXXXXXXXXXX XX	X	XX
0000	XXXXXXXXXXXXXXXXXXXX XXXXXXXXXXXXXXXXXXXXXXXXXX XX	X	XX
0000	XXXXXXXXXXXXXXXXXXXX XXXXXXXXXXXXXXXXXXXXXXXXXX XX	X	XX
0000	XXXXXXXXXXXXXXXXXXXX XXXXXXXXXXXXXXXXXXXXXXXXXX XX	X	XX
0000	XXXXXXXXXXXXXXXXXXXX XXXXXXXXXXXXXXXXXXXXXXXXXX XX	X	XX
XXXXXXXXXXXXXXXXXXXXXX
0000	XXXXXXXXXXXXXXXXXXXX XXXXXXXXXXXXXXXXXXXXXXXXXX XX	X	XX
0000	XXXXXXXXXXXXXXXXXXXX XXXXXXXXXXXXXXXXXXXXXXXXXX XX	X	XX
0000	XXXXXXXXXXXXXXXXXXXX XXXXXXXXXXXXXXXXXXXXXXXXXX XX	X	XX
0000	XXXXXXXXXXXXXXXXXXXX XXXXXXXXXXXXXXXXXXXXXXXXXX XX	X	XX
0000	XXXXXXXXXXXXXXXXXXXX XXXXXXXXXXXXXXXXXXXXXXXXXX XX	X	XX
0000	XXXXXXXXXXXXXXXXXXXX XXXXXXXXXXXXXXXXXXXXXXXXXX XX	X	XX
0000	XXXXXXXXXXXXXXXXXXXX XXXXXXXXXXXXXXXXXXXXXXXXXX XX	X	XX
0000	XXXXXXXXXXXXXXXXXXXX XXXXXXXXXXXXXXXXXXXXXXXXXX XX	X	XX
0000	XXXXXXXXXXXXXXXXXXXX XXXXXXXXXXXXXXXXXXXXXXXXXX XX	X	XX
0000	XXXXXXXXXXXXXXXXXXXX XXXXXXXXXXXXXXXXXXXXXXXXXX XX	X	XX
0000	XXXXXXXXXXXXXXXXXXXX XXXXXXXXXXXXXXXXXXXXXXXXXX XX	X	XX
XXXXXXXXXXXXXXXXXXXXXX
0000	XXXXXXXXXXXXXXXXXXXX XXXXXXXXXXXXXXXXXXXXXXXXXX XX	X	XX
0000	XXXXXXXXXXXXXXXXXXXX XXXXXXXXXXXXXXXXXXXXXXXXXX XX	X	XX
0000	XXXXXXXXXXXXXXXXXXXX XXXXXXXXXXXXXXXXXXXXXXXXXX XX	X	XX
0000	XXXXXXXXXXXXXXXXXXXX XXXXXXXXXXXXXXXXXXXXXXXXXX XX	X	XX
0000	XXXXXXXXXXXXXXXXXXXX XXXXXXXXXXXXXXXXXXXXXXXXXX XX	X	XX
0000	XXXXXXXXXXXXXXXXXXXX XXXXXXXXXXXXXXXXXXXXXXXXXX XX	X	XX
0000	XXXXXXXXXXXXXXXXXXXX XXXXXXXXXXXXXXXXXXXXXXXXXX XX	X	XX
0000	XXXXXXXXXXXXXXXXXXXX XXXXXXXXXXXXXXXXXXXXXXXXXX XX	X	XX
0000	XXXXXXXXXXXXXXXXXXXX XXXXXXXXXXXXXXXXXXXXXXXXXX XX	X	XX
0000	XXXXXXXXXXXXXXXXXXXX XXXXXXXXXXXXXXXXXXXXXXXXXX XX	X	XX
0000	XXXXXXXXXXXXXXXXXXXX XXXXXXXXXXXXXXXXXXXXXXXXXX XX	X	XX
XXXXXXXXXXXXXXXXXXXXXX
0000	XXXXXXXXXXXXXXXXXXXX XXXXXXXXXXXXXXXXXXXXXXXXXX XX	X	XX
0000	XXXXXXXXXXXXXXXXXXXX XXXXXXXXXXXXXXXXXXXXXXXXXX XX	X	XX
0000	XXXXXXXXXXXXXXXXXXXX XXXXXXXXXXXXXXXXXXXXXXXXXX XX	X	XX
0000	XXXXXXXXXXXXXXXXXXXX XXXXXXXXXXXXXXXXXXXXXXXXXX XX	X	XX
0000	XXXXXXXXXXXXXXXXXXXX XXXXXXXXXXXXXXXXXXXXXXXXXX XX	X	XX
0000	XXXXXXXXXXXXXXXXXXXX XXXXXXXXXXXXXXXXXXXXXXXXXX XX	X	XX
0000	XXXXXXXXXXXXXXXXXXXX XXXXXXXXXXXXXXXXXXXXXXXXXX XX	X	XX
0000	XXXXXXXXXXXXXXXXXXXX XXXXXXXXXXXXXXXXXXXXXXXXXX XX	X	XX
0000	XXXXXXXXXXXXXXXXXXXX XXXXXXXXXXXXXXXXXXXXXXXXXX XX	X	XX
0000	XXXXXXXXXXXXXXXXXXXX XXXXXXXXXXXXXXXXXXXXXXXXXX XX	X	XX
0000	XXXXXXXXXXXXXXXXXXXX XXXXXXXXXXXXXXXXXXXXXXXXXX XX	X	XX
XXXXXXXXXXXXXXXXXXXXXX
0000	XXXXXXXXXXXXXXXXXXXX XXXXXXXXXXXXXXXXXXXXXXXXXX XX	X	XX
0000	XXXXXXXXXXXXXXXXXXXX XXXXXXXXXXXXXXXXXXXXXXXXXX XX	X	XX
0000	XXXXXXXXXXXXXXXXXXXX XXXXXXXXXXXXXXXXXXXXXXXXXX XX	X	XX
0000	XXXXXXXXXXXXXXXXXXXX XXXXXXXXXXXXXXXXXXXXXXXXXX XX	X	XX
0000	XXXXXXXXXXXXXXXXXXXX XXXXXXXXXXXXXXXXXXXXXXXXXX XX	X	XX
0000	XXXXXXXXXXXXXXXXXXXX XXXXXXXXXXXXXXXXXXXXXXXXXX XX	X	XX
0000	XXXXXXXXXXXXXXXXXXXX XXXXXXXXXXXXXXXXXXXXXXXXXX XX	X	XX
0000	XXXXXXXXXXXXXXXXXXXX XXXXXXXXXXXXXXXXXXXXXXXXXX XX	X	XX
0000	XXXXXXXXXXXXXXXXXXXX XXXXXXXXXXXXXXXXXXXXXXXXXX XX	X	XX
0000	XXXXXXXXXXXXXXXXXXXX XXXXXXXXXXXXXXXXXXXXXXXXXX XX	X	XX
0000	XXXXXXXXXXXXXXXXXXXX XXXXXXXXXXXXXXXXXXXXXXXXXX XX	X	XX
XXXXXXXXXXXXXXXXXXXXXX
0000	XXXXXXXXXXXXXXXXXXXX XXXXXXXXXXXXXXXXXXXXXXXXXX XX	X	XX
0000	XXXXXXXXXXXXXXXXXXXX XXXXXXXXXXXXXXXXXXXXXXXXXX XX	X	XX
0000	XXXXXXXXXXXXXXXXXXXX XXXXXXXXXXXXXXXXXXXXXXXXXX XX	X	XX
0000	XXXXXXXXXXXXXXXXXXXX XXXXXXXXXXXXXXXXXXXXXXXXXX XX	X	XX
0000	XXXXXXXXXXXXXXXXXXXX XXXXXXXXXXXXXXXXXXXXXXXXXX XX	X	XX
0000	XXXXXXXXXXXXXXXXXXXX XXXXXXXXXXXXXXXXXXXXXXXXXX XX	X	XX
0000	XXXXXXXXXXXXXXXXXXXX XXXXXXXXXXXXXXXXXXXXXXXXXX XX	X	XX
0000	XXXXXXXXXXXXXXXXXXXX XXXXXXXXXXXXXXXXXXXXXXXXXX XX	X	XX
0000	XXXXXXXXXXXXXXXXXXXX XXXXXXXXXXXXXXXXXXXXXXXXXX XX	X	XX
0000	XXXXXXXXXXXXXXXXXXXX XXXXXXXXXXXXXXXXXXXXXXXXXX XX	X	XX
0000	XXXXXXXXXXXXXXXXXXXX XXXXXXXXXXXXXXXXXXXXXXXXXX XX	X	XX
XXXXXXXXXXXXXXXXXXXXXX
0000	XXXXXXXXXXXXXXXXXXXX XXXXXXXXXXXXXXXXXXXXXXXXXX XX	X	XX
0000	XXXXXXXXXXXXXXXXXXXX XXXXXXXXXXXXXXXXXXXXXXXXXX XX	X	XX
0000	XXXXXXXXXXXXXXXXXXXX XXXXXXXXXXXXXXXXXXXXXXXXXX XX	X	XX
0000	XXXXXXXXXXXXXXXXXXXX XXXXXXXXXXXXXXXXXXXXXXXXXX XX	X	XX
0000	XXXXXXXXXXXXXXXXXXXX XXXXXXXXXXXXXXXXXXXXXXXXXX XX	X	XX
0000	XXXXXXXXXXXXXXXXXXXX XXXXXXXXXXXXXXXXXXXXXXXXXX XX	X	XX
0000	XXXXXXXXXXXXXXXXXXXX XXXXXXXXXXXXXXXXXXXXXXXXXX XX	X	XX
0000	XXXXXXXXXXXXXXXXXXXX XXXXXXXXXXXXXXXXXXXXXXXXXX XX	X	XX
0000	XXXXXXXXXXXXXXXXXXXX XXXXXXXXXXXXXXXXXXXXXXXXXX XX	X	XX
0000	XXXXXXXXXXXXXXXXXXXX XXXXXXXXXXXXXXXXXXXXXXXXXX XX	X	XX
0000	XXXXXXXXXXXXXXXXXXXX XXXXXXXXXXXXXXXXXXXXXXXXXX XX	X	XX
XXXXXXXXXXXXXXXXXXXXXX
0000	XXXXXXXXXXXXXXXXXXXX XXXXXXXXXXXXXXXXXXXXXXXXXX XX	X	XX
0000	XXXXXXXXXXXXXXXXXXXX XXXXXXXXXXXXXXXXXXXXXXXXXX XX	X	XX
0000	XXXXXXXXXXXXXXXXXXXX XXXXXXXXXXXXXXXXXXXXXXXXXX XX	X	XX
0000	XXXXXXXXXXXXXXXXXXXX XXXXXXXXXXXXXXXXXXXXXXXXXX XX	X	XX
0000	XXXXXXXXXXXXXXXXXXXX XXXXXXXXXXXXXXXXXXXXXXXXXX XX	X	XX
0000	XXXXXXXXXXXXXXXXXXXX XXXXXXXXXXXXXXXXXXXXXXXXXX XX	X	XX
0000	XXXXXXXXXXXXXXXXXXXX XXXXXXXXXXXXXXXXXXXXXXXXXX XX	X	XX
0000	XXXXXXXXXXXXXXXXXXXX XXXXXXXXXXXXXXXXXXXXXXXXXX XX	X	XX
0000	XXXXXXXXXXXXXXXXXXXX XXXXXXXXXXXXXXXXXXXXXXXXXX XX	X	XX
0000	XXXXXXXXXXXXXXXXXXXX XXXXXXXXXXXXXXXXXXXXXXXXXX XX	X	XX
0000	XXXXXXXXXXXXXXXXXXXX XXXXXXXXXXXXXXXXXXXXXXXXXX XX	X	XX
XXXXXXXXXXXXXXXXXXXXXX
0000	XXXXXXXXXXXXXXXXXXXX XXXXXXXXXXXXXXXXXXXXXXXXXX XX	X	XX
0000	XXXXXXXXXXXXXXXXXXXX XXXXXXXXXXXXXXXXXXXXXXXXXX XX	X	XX
0000	XXXXXXXXXXXXXXXXXXXX XXXXXXXXXXXXXXXXXXXXXXXXXX XX	X	XX
0000	XXXXXXXXXXXXXXXXXXXX XXXXXXXXXXXXXXXXXXXXXXXXXX XX	X	XX
0000	XXXXXXXXXXXXXXXXXXXX XXXXXXXXXXXXXXXXXXXXXXXXXX XX	X	XX
0000	XXXXXXXXXXXXXXXXXXXX XXXXXXXXXXXXXXXXXXXXXXXXXX XX	X	XX
0000	XXXXXXXXXXXXXXXXXXXX XXXXXXXXXXXXXXXXXXXXXXXXXX XX	X	XX
0000	XXXXXXXXXXXXXXXXXXXX XXXXXXXXXXXXXXXXXXXXXXXXXX XX	X	XX
0000	XXXXXXXXXXXXXXXXXXXX XXXXXXXXXXXXXXXXXXXXXXXXXX XX	X	XX
0000	XXXXXXXXXXXXXXXXXXXX XXXXXXXXXXXXXXXXXXXXXXXXXX XX	X	XX
0000	XXXXXXXXXXXXXXXXXXXX XXXXXXXXXXXXXXXXXXXXXXXXXX XX	X	XX
XXXXXXXXXXXXXXXXXXXXXX
0000	XXXXXXXXXXXXXXXXXXXX XXXXXXXXXXXXXXXXXXXXXXXXXX XX	X	XX
0000	XXXXXXXXXXXXXXXXXXXX XXXXXXXXXXXXXXXXXXXXXXXXXX XX	X	XX
0000	XXXXXXXXXXXXXXXXXXXX XXXXXXXXXXXXXXXXXXXXXXXXXX XX	X	XX
0000	XXXXXXXXXXXXXXXXXXXX XXXXXXXXXXXXXXXXXXXXXXXXXX XX	X	XX
0000	XXXXXXXXXXXXXXXXXXXX XXXXXXXXXXXXXXXXXXXXXXXXXX XX	X	XX
0000	XXXXXXXXXXXXXXXXXXXX XXXXXXXXXXXXXXXXXXXXXXXXXX XX	X	XX
0000	XXXXXXXXXXXXXXXXXXXX XXXXXXXXXXXXXXXXXXXXXXXXXX XX	X	XX
0000	XXXXXXXXXXXXXXXXXXXX XXXXXXXXXXXXXXXXXXXXXXXXXX XX	X	XX
0000	XXXXXXXXXXXXXXXXXXXX XXXXXXXXXXXXXXXXXXXXXXXXXX XX	X	XX
0000	XXXXXXXXXXXXXXXXXXXX XXXXXXXXXXXXXXXXXXXXXXXXXX XX	X	XX
0000	XXXXXXXXXXXXXXXXXXXX XXXXXXXXXXXXXXXXXXXXXXXXXX XX	X	XX
XXXXXXXXXXXXXXXXXXXXXX
0000	XXXXXXXXXXXXXXXXXXXX XXXXXXXXXXXXXXXXXXXXXXXXXX XX	X	XX
0000	XXXXXXXXXXXXXXXXXXXX XXXXXXXXXXXXXXXXXXXXXXXXXX XX	X	XX
0000	XXXXXXXXXXXXXXXXXXXX XXXXXXXXXXXXXXXXXXXXXXXXXX XX	X	XX
0000	XXXXXXXXXXXXXXXXXXXX XXXXXXXXXXXXXXXXXXXXXXXXXX XX	X	XX
0000	XXXXXXXXXXXXXXXXXXXX XXXXXXXXXXXXXXXXXXXXXXXXXX XX	X	XX
0000	XXXXXXXXXXXXXXXXXXXX XXXXXXXXXXXXXXXXXXXXXXXXXX XX	X	XX
0000	XXXXXXXXXXXXXXXXXXXX XXXXXXXXXXXXXXXXXXXXXXXXXX XX	X	XX
0000	XXXXXXXXXXXXXXXXXXXX XXXXXXXXXXXXXXXXXXXXXXXXXX XX	X	XX
0000	XXXXXXXXXXXXXXXXXXXX XXXXXXXXXXXXXXXXXXXXXXXXXX XX	X	XX
0000	XXXXXXXXXXXXXXXXXXXX XXXXXXXXXXXXXXXXXXXXXXXXXX XX	X	XX
0000	XXXXXXXXXXXXXXXXXXXX XXXXXXXXXXXXXXXXXXXXXXXXXX XX	X	XX
XXXXXXXXXXXXXXXXXXXXXX
0000	XXXXXXXXXXXXXXXXXXXX XXXXXXXXXXXXXXXXXXXXXXXXXX XX	X	XX
0000	XXXXXXXXXXXXXXXXXXXX XXXXXXXXXXXXXXXXXXXXXXXXXX XX	X	XX
0000	XXXXXXXXXXXXXXXXXXXX XXXXXXXXXXXXXXXXXXXXXXXXXX XX	X	XX
0000	XXXXXXXXXXXXXXXXXXXX XXXXXXXXXXXXXXXXXXXXXXXXXX XX	X	XX
0000	XXXXXXXXXXXXXXXXXXXX XXXXXXXXXXXXXXXXXXXXXXXXXX XX	X	XX
0000	XXXXXXXXXXXXXXXXXXXX XXXXXXXXXXXXXXXXXXXXXXXXXX XX	X	XX
0000	XXXXXXXXXXXXXXXXXXXX XXXXXXXXXXXXXXXXXXXXXXXXXX XX	X	XX
0000	XXXXXXXXXXXXXXXXXXXX XXXXXXXXXXXXXXXXXXXXXXXXXX XX	X	XX
0000	XXXXXXXXXXXXXXXXXXXX XXXXXXXXXXXXXXXXXXXXXXXXXX XX	X	XX
0000	XXXXXXXXXXXXXXXXXXXX XXXXXXXXXXXXXXXXXXXXXXXXXX XX	X	XX
0000	XXXXXXXXXXXXXXXXXXXX XXXXXXXXXXXXXXXXXXXXXXXXXX XX	X	XX
XXXXXXXXXXXXXXXXXXXXXX
0000	XXXXXXXXXXXXXXXXXXXX XXXXXXXXXXXXXXXXXXXXXXXXXX XX	X	XX
0000	XXXXXXXXXXXXXXXXXXXX XXXXXXXXXXXXXXXXXXXXXXXXXX XX	X	XX
0000	XXXXXXXXXXXXXXXXXXXX XXXXXXXXXXXXXXXXXXXXXXXXXX XX	X	XX
0000	XXXXXXXXXXXXXXXXXXXX XXXXXXXXXXXXXXXXXXXXXXXXXX XX	X	XX
0000	XXXXXXXXXXXXXXXXXXXX XXXXXXXXXXXXXXXXXXXXXXXXXX XX	X	XX
0000	XXXXXXXXXXXXXXXXXXXX XXXXXXXXXXXXXXXXXXXXXXXXXX XX	X	XX
0000	XXXXXXXXXXXXXXXXXXXX XXXXXXXXXXXXXXXXXXXXXXXXXX XX	X	XX
0000	XXXXXXXXXXXXXXXXXXXX XXXXXXXXXXXXXXXXXXXXXXXXXX XX	X	XX
0000	XXXXXXXXXXXXXXXXXXXX XXXXXXXXXXXXXXXXXXXXXXXXXX XX	X	XX
0000	XXXXXXXXXXXXXXXXXXXX XXXXXXXXXXXXXXXXXXXXXXXXXX XX	X	XX
0000	XXXXXXXXXXXXXXXXXXXX XXXXXXXXXXXXXXXXXXXXXXXXXX XX	X	XX
XXXXXXXXXXXXXXXXXXXXXX
0000	XXXXXXXXXXXXXXXXXXXX XXXXXXXXXXXXXXXXXXXXXXXXXX XX	X	XX
0000	XXXXXXXXXXXXXXXXXXXX XXXXXXXXXXXXXXXXXXXXXXXXXX XX	X	XX
0000	XXXXXXXXXXXXXXXXXXXX XXXXXXXXXXXXXXXXXXXXXXXXXX XX	X	XX
0000	XXXXXXXXXXXXXXXXXXXX XXXXXXXXXXXXXXXXXXXXXXXXXX XX	X	XX
0000	XXXXXXXXXXXXXXXXXXXX XXXXXXXXXXXXXXXXXXXXXXXXXX XX	X	XX
0000	XXXXXXXXXXXXXXXXXXXX XXXXXXXXXXXXXXXXXXXXXXXXXX XX	X	XX
0000	XXXXXXXXXXXXXXXXXXXX XXXXXXXXXXXXXXXXXXXXXXXXXX XX	X	XX
0000	XXXXXXXXXXXXXXXXXXXX XXXXXXXXXXXXXXXXXXXXXXXXXX XX	X	XX
0000	XXXXXXXXXXXXXXXXXXXX XXXXXXXXXXXXXXXXXXXXXXXXXX XX	X	XX
0000	XXXXXXXXXXXXXXXXXXXX XXXXXXXXXXXXXXXXXXXXXXXXXX XX	X	XX
0000	XXXXXXXXXXXXXXXXXXXX XXXXXXXXXXXXXXXXXXXXXXXXXX XX	X	XX
XXXXXXXXXXXXXXXXXXXXXX
0000	XXXXXXXXXXXXXXXXXXXX XXXXXXXXXXXXXXXXXXXXXXXXXX XX	X	XX
0000	XXXXXXXXXXXXXXXXXXXX XXXXXXXXXXXXXXXXXXXXXXXXXX XX	X	XX
0000	XXXXXXXXXXXXXXXXXXXX XXXXXXXXXXXXXXXXXXXXXXXXXX XX	X	XX
0000	XXXXXXXXXXXXXXXXXXXX XXXXXXXXXXXXXXXXXXXXXXXXXX XX	X	XX
0000	XXXXXXXXXXXXXXXXXXXX XXXXXXXXXXXXXXXXXXXXXXXXXX XX	X	XX
0000	XXXXXXXXXXXXXXXXXXXX XXXXXXXXXXXXXXXXXXXXXXXXXX XX	X	XX
0000	XXXXXXXXXXXXXXXXXXXX XXXXXXXXXXXXXXXXXXXXXXXXXX XX	X	XX
0000	XXXXXXXXXXXXXXXXXXXX XXXXXXXXXXXXXXXXXXXXXXXXXX XX	X	XX
0000	XXXXXXXXXXXXXXXXXXXX XXXXXXXXXXXXXXXXXXXXXXXXXX XX	X	XX
0000	XXXXXXXXXXXXXXXXXXXX XXXXXXXXXXXXXXXXXXXXXXXXXX XX	X	XX
0000	XXXXXXXXXXXXXXXXXXXX XXXXXXXXXXXXXXXXXXXXXXXXXX XX	X	XX
XXXXXXXXXXXXXXXXXXXXXX
0000	XXXXXXXXXXXXXXXXXXXX XXXXXXXXXXXXXXXXXXXXXXXXXX XX	X	XX
0000	XXXXXXXXXXXXXXXXXXXX XXXXXXXXXXXXXXXXXXXXXXXXXX XX	X	XX
0000	XXXXXXXXXXXXXXXXXXXX XXXXXXXXXXXXXXXXXXXXXXXXXX XX	X	XX
0000	XXXXXXXXXXXXXXXXXXXX XXXXXXXXXXXXXXXXXXXXXXXXXX XX	X	XX
0000	XXXXXXXXXXXXXXXXXXXX XXXXXXXXXXXXXXXXXXXXXXXXXX XX	X	XX
0000	XXXXXXXXXXXXXXXXXXXX XXXXXXXXXXXXXXXXXXXXXXXXXX XX	X	XX
0000	XXXXXXXXXXXXXXXXXXXX XXXXXXXXXXXXXXXXXXXXXXXXXX XX	X	XX
0000	XXXXXXXXXXXXXXXXXXXX XXXXXXXXXXXXXXXXXXXXXXXXXX XX	X	XX
0000	XXXXXXXXXXXXXXXXXXXX XXXXXXXXXXXXXXXXXXXXXXXXXX XX	X	XX
0000	XXXXXXXXXXXXXXXXXXXX XXXXXXXXXXXXXXXXXXXXXXXXXX XX	X	XX
0000	XXXXXXXXXXXXXXXXXXXX XXXXXXXXXXXXXXXXXXXXXXXXXX XX	X	XX
XXXXXXXXXXXXXXXXXXXXXX
0000	XXXXXXXXXXXXXXXXXXXX XXXXXXXXXXXXXXXXXXXXXXXXXX XX	X	XX
0000	XXXXXXXXXXXXXXXXXXXX XXXXXXXXXXXXXXXXXXXXXXXXXX XX	X	XX
0000	XXXXXXXXXXXXXXXXXXXX XXXXXXXXXXXXXXXXXXXXXXXXXX XX	X	XX
0000	XXXXXXXXXXXXXXXXXXXX XXXXXXXXXXXXXXXXXXXXXXXXXX XX	X	XX
0000	XXXXXXXXXXXXXXXXXXXX XXXXXXXXXXXXXXXXXXXXXXXXXX XX	X	XX
0000	XXXXXXXXXXXXXXXXXXXX XXXXXXXXXXXXXXXXXXXXXXXXXX XX	X	XX
0000	XXXXXXXXXXXXXXXXXXXX XXXXXXXXXXXXXXXXXXXXXXXXXX XX	X	XX
0000	XXXXXXXXXXXXXXXXXXXX XXXXXXXXXXXXXXXXXXXXXXXXXX XX	X	XX
0000	XXXXXXXXXXXXXXXXXXXX XXXXXXXXXXXXXXXXXXXXXXXXXX XX	X	XX
0000	XXXXXXXXXXXXXXXXXXXX XXXXXXXXXXXXXXXXXXXXXXXXXX XX	X	XX
0000	XXXXXXXXXXXXXXXXXXXX XXXXXXXXXXXXXXXXXXXXXXXXXX XX	X	XX
XXXXXXXXXXXXXXXXXXXXXX
0000	XXXXXXXXXXXXXXXXXXXX XXXXXXXXXXXXXXXXXXXXXXXXXX XX	X	XX
0000	XXXXXXXXXXXXXXXXXXXX XXXXXXXXXXXXXXXXXXXXXXXXXX XX	X	XX
0000	XXXXXXXXXXXXXXXXXXXX XXXXXXXXXXXXXXXXXXXXXXXXXX XX	X	XX
0000	XXXXXXXXXXXXXXXXXXXX XXXXXXXXXXXXXXXXXXXXXXXXXX XX	X	XX
0000	XXXXXXXXXXXXXXXXXXXX XXXXXXXXXXXXXXXXXXXXXXXXXX XX	X	XX
0000	XXXXXXXXXXXXXXXXXXXX XXXXXXXXXXXXXXXXXXXXXXXXXX XX	X	XX
0000	XXXXXXXXXXXXXXXXXXXX XXXXXXXXXXXXXXXXXXXXXXXXXX XX	X	XX
0000	XXXXXXXXXXXXXXXXXXXX XXXXXXXXXXXXXXXXXXXXXXXXXX XX	X	XX
0000	XXXXXXXXXXXXXXXXXXXX XXXXXXXXXXXXXXXXXXXXXXXXXX XX	X	XX
0000	XXXXXXXXXXXXXXXXXXXX XXXXXXXXXXXXXXXXXXXXXXXXXX XX	X	XX
0000	XXXXXXXXXXXXXXXXXXXX XXXXXXXXXXXXXXXXXXXXXXXXXX XX	X	XX
XXXXXXXXXXXXXXXXXXXXXX
0000	XXXXXXXXXXXXXXXXXXXX XXXXXXXXXXXXXXXXXXXXXXXXXX XX	X	XX
0000	XXXXXXXXXXXXXXXXXXXX XXXXXXXXXXXXXXXXXXXXXXXXXX XX	X	XX
0000	XXXXXXXXXXXXXXXXXXXX XXXXXXXXXXXXXXXXXXXXXXXXXX XX	X	XX
0000	XXXXXXXXXXXXXXXXXXXX XXXXXXXXXXXXXXXXXXXXXXXXXX XX	X	XX
0000	XXXXXXXXXXXXXXXXXXXX XXXXXXXXXXXXXXXXXXXXXXXXXX XX	X	XX
0000	XXXXXXXXXXXXXXXXXXXX XXXXXXXXXXXXXXXXXXXXXXXXXX XX	X	XX
0000	XXXXXXXXXXXXXXXXXXXX XXXXXXXXXXXXXXXXXXXXXXXXXX XX	X	XX
0000	XXXXXXXXXXXXXXXXXXXX XXXXXXXXXXXXXXXXXXXXXXXXXX XX	X	XX
0000	XXXXXXXXXXXXXXXXXXXX XXXXXXXXXXXXXXXXXXXXXXXXXX XX	X	XX
0000	XXXXXXXXXXXXXXXXXXXX XXXXXXXXXXXXXXXXXXXXXXXXXX XX	X	XX
0000	XXXXXXXXXXXXXXXXXXXX XXXXXXXXXXXXXXXXXXXXXXXXXX XX	X	XX
XXXXXXXXXXXXXXXXXXXXXX
0000	XXXXXXXXXXXXXXXXXXXX XXXXXXXXXXXXXXXXXXXXXXXXXX XX	X	XX
0000	XXXXXXXXXXXXXXXXXXXX XXXXXXXXXXXXXXXXXXXXXXXXXX XX	X	XX
0000	XXXXXXXXXXXXXXXXXXXX XXXXXXXXXXXXXXXXXXXXXXXXXX XX	X	XX
0000	XXXXXXXXXXXXXXXXXXXX XXXXXXXXXXXXXXXXXXXXXXXXXX XX	X	XX
0000	XXXXXXXXXXXXXXXXXXXX XXXXXXXXXXXXXXXXXXXXXXXXXX XX	X	XX
0000	XXXXXXXXXXXXXXXXXXXX XXXXXXXXXXXXXXXXXXXXXXXXXX XX	X	XX
0000	XXXXXXXXXXXXXXXXXXXX XXXXXXXXXXXXXXXXXXXXXXXXXX XX	X	XX
0000	XXXXXXXXXXXXXXXXXXXX XXXXXXXXXXXXXXXXXXXXXXXXXX XX	X	XX
0000	XXXXXXXXXXXXXXXXXXXX XXXXXXXXXXXXXXXXXXXXXXXXXX XX	X	XX
0000	XXXXXXXXXXXXXXXXXXXX XXXXXXXXXXXXXXXXXXXXXXXXXX XX	X	XX
0000	XXXXXXXXXXXXXXXXXXXX XXXXXXXXXXXXXXXXXXXXXXXXXX XX	X	XX
XXXXXXXXXXXXXXXXXXXXXX
0000	XXXXXXXXXXXXXXXXXXXX XXXXXXXXXXXXXXXXXXXXXXXXXX XX	X	XX
0000	XXXXXXXXXXXXXXXXXXXX XXXXXXXXXXXXXXXXXXXXXXXXXX XX	X	XX
0000	XXXXXXXXXXXXXXXXXXXX XXXXXXXXXXXXXXXXXXXXXXXXXX XX	X	XX
0000	XXXXXXXXXXXXXXXXXXXX XXXXXXXXXXXXXXXXXXXXXXXXXX XX	X	XX
0000	XXXXXXXXXXXXXXXXXXXX XXXXXXXXXXXXXXXXXXXXXXXXXX XX	X	XX
0000	XXXXXXXXXXXXXXXXXXXX XXXXXXXXXXXXXXXXXXXXXXXXXX XX	X	XX
0000	XXXXXXXXXXXXXXXXXXXX XXXXXXXXXXXXXXXXXXXXXXXXXX XX	X	XX
0000	XXXXXXXXXXXXXXXXXXXX XXXXXXXXXXXXXXXXXXXXXXXXXX XX	X	XX
0000	XXXXXXXXXXXXXXXXXXXX XXXXXXXXXXXXXXXXXXXXXXXXXX XX	X	XX
0000	XXXXXXXXXXXXXXXXXXXX XXXXXXXXXXXXXXXXXXXXXXXXXX XX	X	XX
0000	XXXXXXXXXXXXXXXXXXXX XXXXXXXXXXXXXXXXXXXXXXXXXX XX	X	XX
XXXXXXXXXXXXXXXXXXXXXX
0000	XXXXXXXXXXXXXXXXXXXX XXXXXXXXXXXXXXXXXXXXXXXXXX XX	X	XX
0000	XXXXXXXXXXXXXXXXXXXX XXXXXXXXXXXXXXXXXXXXXXXXXX XX	X	XX
0000	XXXXXXXXXXXXXXXXXXXX XXXXXXXXXXXXXXXXXXXXXXXXXX XX	X	XX
0000	XXXXXXXXXXXXXXXXXXXX XXXXXXXXXXXXXXXXXXXXXXXXXX XX	X	XX
0000	XXXXXXXXXXXXXXXXXXXX XXXXXXXXXXXXXXXXXXXXXXXXXX XX	X	XX
0000	XXXXXXXXXXXXXXXXXXXX XXXXXXXXXXXXXXXXXXXXXXXXXX XX	X	XX
0000	XXXXXXXXXXXXXXXXXXXX XXXXXXXXXXXXXXXXXXXXXXXXXX XX	X	XX
0000	XXXXXXXXXXXXXXXXXXXX XXXXXXXXXXXXXXXXXXXXXXXXXX XX	X	XX
0000	XXXXXXXXXXXXXXXXXXXX XXXXXXXXXXXXXXXXXXXXXXXXXX XX	X	XX
0000	XXXXXXXXXXXXXXXXXXXX XXXXXXXXXXXXXXXXXXXXXXXXXX XX	X	XX
0000	XXXXXXXXXXXXXXXXXXXX XXXXXXXXXXXXXXXXXXXXXXXXXX XX	X	XX
XXXXXXXXXXXXXXXXXXXXXX
0000	XXXXXXXXXXXXXXXXXXXX XXXXXXXXXXXXXXXXXXXXXXXXXX XX	X	XX
0000	XXXXXXXXXXXXXXXXXXXX XXXXXXXXXXXXXXXXXXXXXXXXXX XX	X	XX
0000	XXXXXXXXXXXXXXXXXXXX XXXXXXXXXXXXXXXXXXXXXXXXXX XX	X	XX
0000	XXXXXXXXXXXXXXXXXXXX XXXXXXXXXXXXXXXXXXXXXXXXXX XX	X	XX
0000	XXXXXXXXXXXXXXXXXXXX XXXXXXXXXXXXXXXXXXXXXXXXXX XX	X	XX
0000	XXXXXXXXXXXXXXXXXXXX XXXXXXXXXXXXXXXXXXXXXXXXXX XX	X	XX
0000	XXXXXXXXXXXXXXXXXXXX XXXXXXXXXXXXXXXXXXXXXXXXXX XX	X	XX
0000	XXXXXXXXXXXXXXXXXXXX XXXXXXXXXXXXXXXXXXXXXXXXXX XX	X	XX
0000	XXXXXXXXXXXXXXXXXXXX XXXXXXXXXXXXXXXXXXXXXXXXXX XX	X	XX
0000	XXXXXXXXXXXXXXXXXXXX XXXXXXXXXXXXXXXXXXXXXXXXXX XX	X	XX
0000	XXXXXXXXXXXXXXXXXXXX XXXXXXXXXXXXXXXXXXXXXXXXXX XX	X	XX
XXXXXXXXXXXXXXXXXXXXXX
0000	XXXXXXXXXXXXXXXXXXXX XXXXXXXXXXXXXXXXXXXXXXXXXX XX	X	XX
0000	XXXXXXXXXXXXXXXXXXXX XXXXXXXXXXXXXXXXXXXXXXXXXX XX	X	XX
0000	XXXXXXXXXXXXXXXXXXXX XXXXXXXXXXXXXXXXXXXXXXXXXX XX	X	XX
0000	XXXXXXXXXXXXXXXXXXXX XXXXXXXXXXXXXXXXXXXXXXXXXX XX	X	XX
0000	XXXXXXXXXXXXXXXXXXXX XXXXXXXXXXXXXXXXXXXXXXXXXX XX	X	XX
0000	XXXXXXXXXXXXXXXXXXXX XXXXXXXXXXXXXXXXXXXXXXXXXX XX	X	XX
0000	XXXXXXXXXXXXXXXXXXXX XXXXXXXXXXXXXXXXXXXXXXXXXX XX	X	XX
（下转A30版）
